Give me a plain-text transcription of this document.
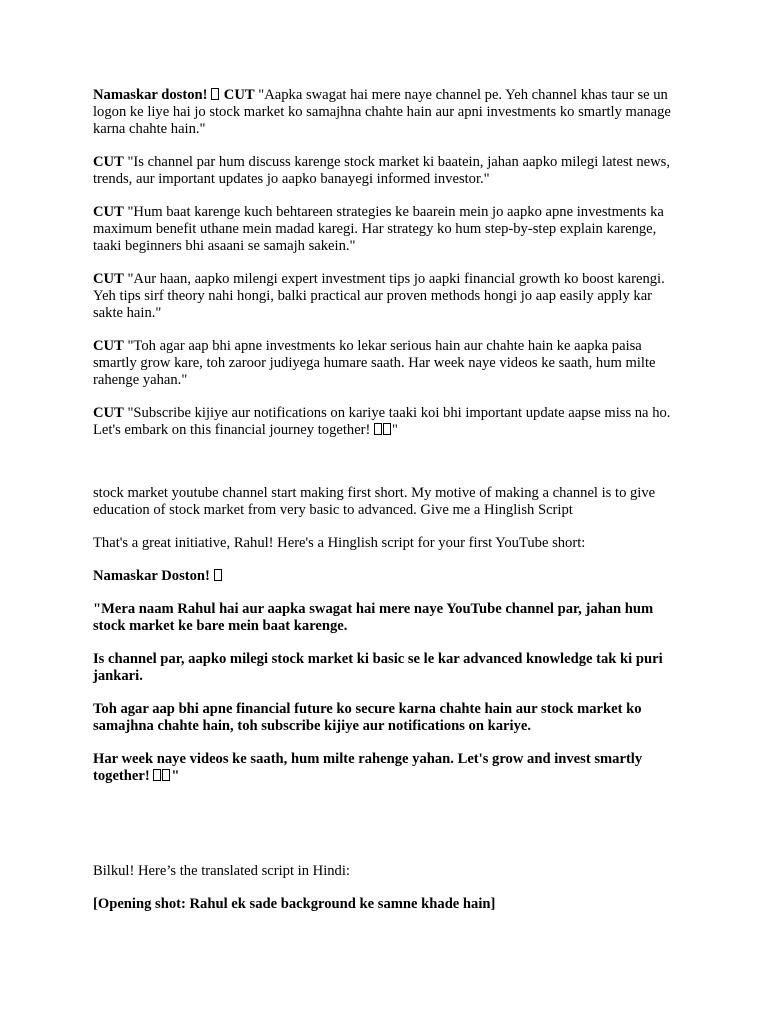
Namaskar doston! CUT "Aapka swagat hai mere naye channel pe. Yeh channel khas taur se un logon ke liye hai jo stock market ko samajhna chahte hain aur apni investments ko smartly manage karna chahte hain."

CUT "Is channel par hum discuss karenge stock market ki baatein, jahan aapko milegi latest news, trends, aur important updates jo aapko banayegi informed investor."

CUT "Hum baat karenge kuch behtareen strategies ke baarein mein jo aapko apne investments ka maximum benefit uthane mein madad karegi. Har strategy ko hum step-by-step explain karenge, taaki beginners bhi asaani se samajh sakein."

CUT "Aur haan, aapko milengi expert investment tips jo aapki financial growth ko boost karengi. Yeh tips sirf theory nahi hongi, balki practical aur proven methods hongi jo aap easily apply kar sakte hain."

CUT "Toh agar aap bhi apne investments ko lekar serious hain aur chahte hain ke aapka paisa smartly grow kare, toh zaroor judiyega humare saath. Har week naye videos ke saath, hum milte rahenge yahan."

CUT "Subscribe kijiye aur notifications on kariye taaki koi bhi important update aapse miss na ho. Let's embark on this financial journey together! "

stock market youtube channel start making first short. My motive of making a channel is to give education of stock market from very basic to advanced. Give me a Hinglish Script

That's a great initiative, Rahul! Here's a Hinglish script for your first YouTube short:

Namaskar Doston!

"Mera naam Rahul hai aur aapka swagat hai mere naye YouTube channel par, jahan hum stock market ke bare mein baat karenge.

Is channel par, aapko milegi stock market ki basic se le kar advanced knowledge tak ki puri jankari.

Toh agar aap bhi apne financial future ko secure karna chahte hain aur stock market ko samajhna chahte hain, toh subscribe kijiye aur notifications on kariye.

Har week naye videos ke saath, hum milte rahenge yahan. Let's grow and invest smartly together! "

Bilkul! Here’s the translated script in Hindi:

[Opening shot: Rahul ek sade background ke samne khade hain]
